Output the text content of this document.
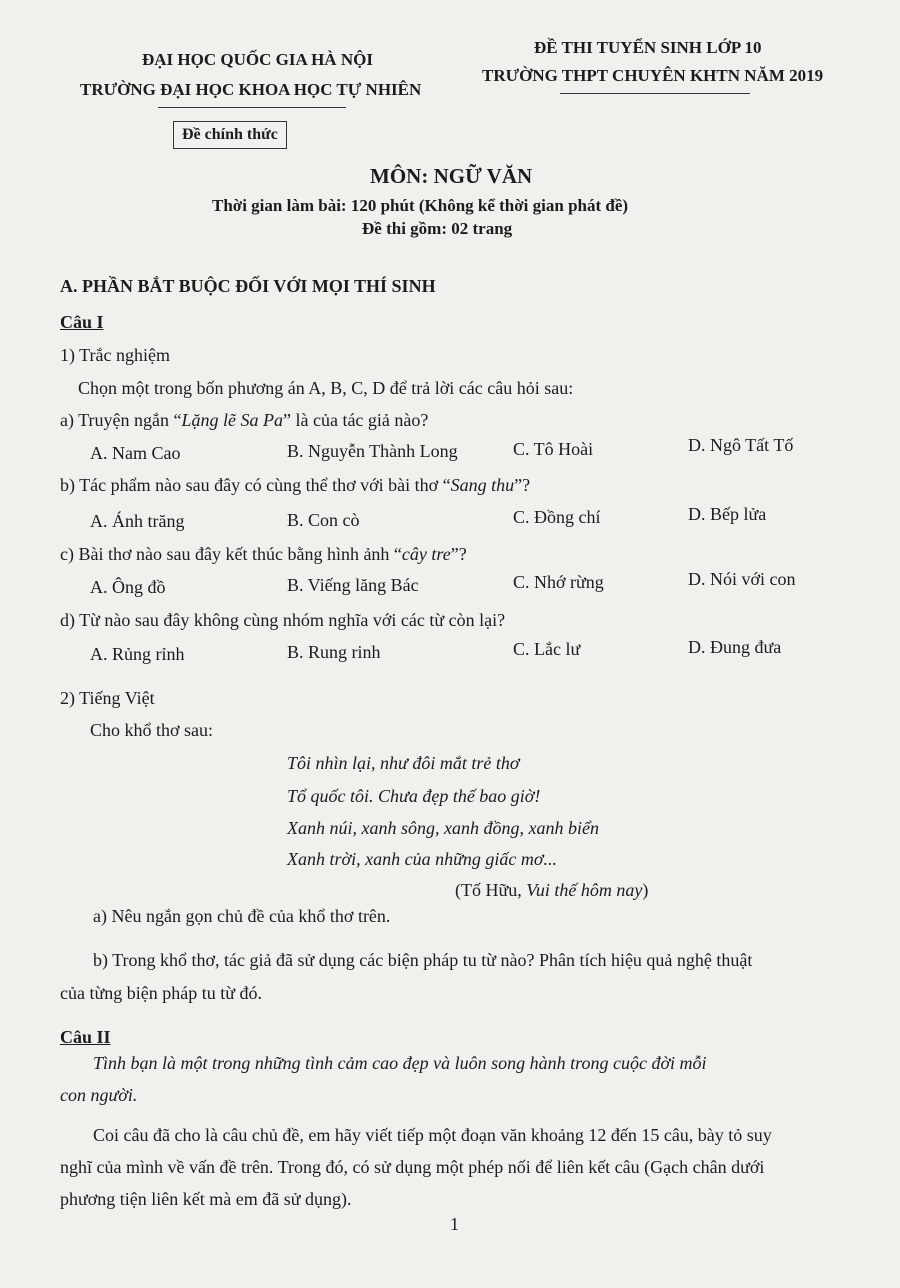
ĐẠI HỌC QUỐC GIA HÀ NỘI
TRƯỜNG ĐẠI HỌC KHOA HỌC TỰ NHIÊN
ĐỀ THI TUYỂN SINH LỚP 10
TRƯỜNG THPT CHUYÊN KHTN NĂM 2019
Đề chính thức
MÔN: NGỮ VĂN
Thời gian làm bài: 120 phút (Không kể thời gian phát đề)
Đề thi gồm: 02 trang
A. PHẦN BẮT BUỘC ĐỐI VỚI MỌI THÍ SINH
Câu I
1) Trắc nghiệm
Chọn một trong bốn phương án A, B, C, D để trả lời các câu hỏi sau:
a) Truyện ngắn “Lặng lẽ Sa Pa” là của tác giả nào?
A. Nam Cao	B. Nguyễn Thành Long	C. Tô Hoài	D. Ngô Tất Tố
b) Tác phẩm nào sau đây có cùng thể thơ với bài thơ “Sang thu”?
A. Ánh trăng	B. Con cò	C. Đồng chí	D. Bếp lửa
c) Bài thơ nào sau đây kết thúc bằng hình ảnh “cây tre”?
A. Ông đồ	B. Viếng lăng Bác	C. Nhớ rừng	D. Nói với con
d) Từ nào sau đây không cùng nhóm nghĩa với các từ còn lại?
A. Rủng rỉnh	B. Rung rinh	C. Lắc lư	D. Đung đưa
2) Tiếng Việt
Cho khổ thơ sau:
Tôi nhìn lại, như đôi mắt trẻ thơ
Tổ quốc tôi. Chưa đẹp thế bao giờ!
Xanh núi, xanh sông, xanh đồng, xanh biển
Xanh trời, xanh của những giấc mơ...
(Tố Hữu, Vui thế hôm nay)
a) Nêu ngắn gọn chủ đề của khổ thơ trên.
b) Trong khổ thơ, tác giả đã sử dụng các biện pháp tu từ nào? Phân tích hiệu quả nghệ thuật
của từng biện pháp tu từ đó.
Câu II
Tình bạn là một trong những tình cảm cao đẹp và luôn song hành trong cuộc đời mỗi
con người.
Coi câu đã cho là câu chủ đề, em hãy viết tiếp một đoạn văn khoảng 12 đến 15 câu, bày tỏ suy
nghĩ của mình về vấn đề trên. Trong đó, có sử dụng một phép nối để liên kết câu (Gạch chân dưới
phương tiện liên kết mà em đã sử dụng).
1
